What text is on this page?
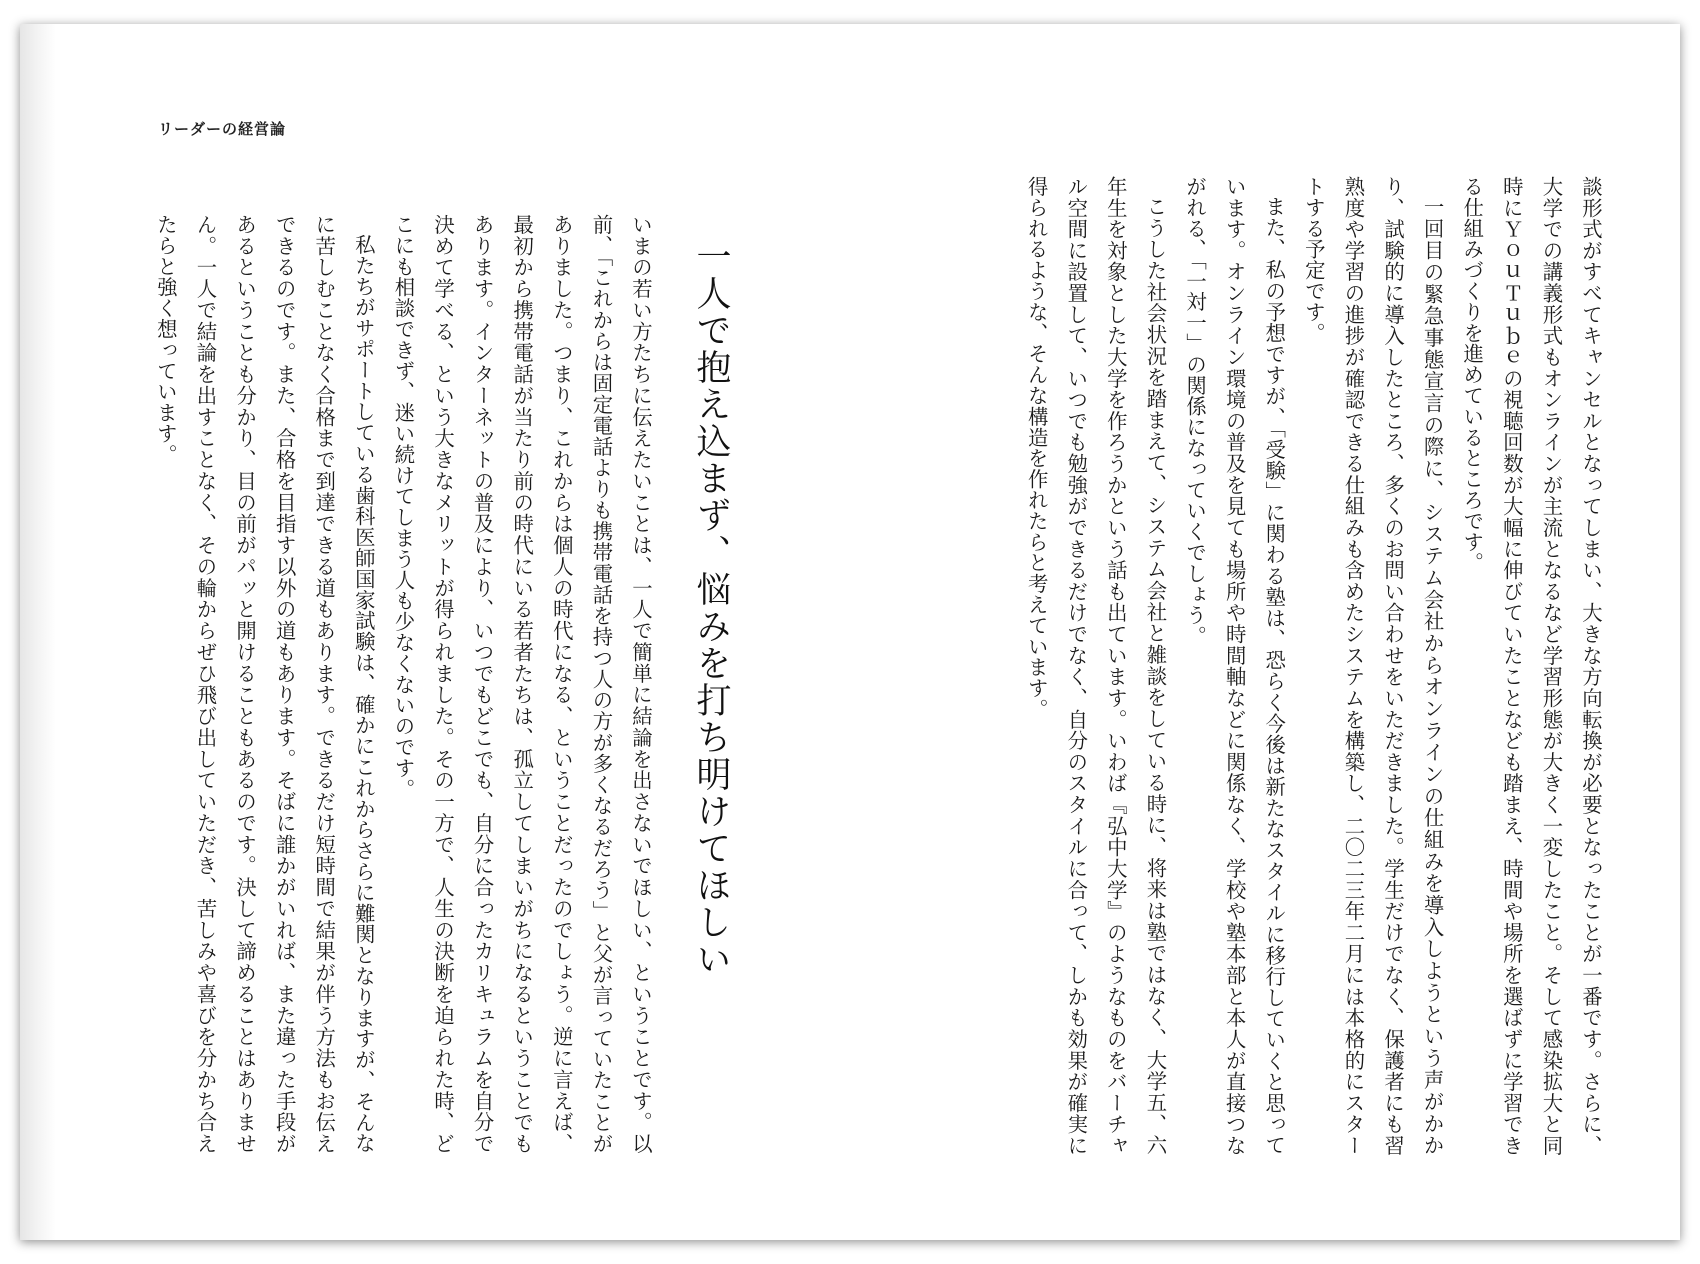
リーダーの経営論

談形式がすべてキャンセルとなってしまい、大きな方向転換が必要となったことが一番です。さらに、大学での講義形式もオンラインが主流となるなど学習形態が大きく一変したこと。そして感染拡大と同時にＹｏｕＴｕｂｅの視聴回数が大幅に伸びていたことなども踏まえ、時間や場所を選ばずに学習できる仕組みづくりを進めているところです。

一回目の緊急事態宣言の際に、システム会社からオンラインの仕組みを導入しようという声がかかり、試験的に導入したところ、多くのお問い合わせをいただきました。学生だけでなく、保護者にも習熟度や学習の進捗が確認できる仕組みも含めたシステムを構築し、二〇二三年二月には本格的にスタートする予定です。

また、私の予想ですが、「受験」に関わる塾は、恐らく今後は新たなスタイルに移行していくと思っています。オンライン環境の普及を見ても場所や時間軸などに関係なく、学校や塾本部と本人が直接つながれる、「一対一」の関係になっていくでしょう。

こうした社会状況を踏まえて、システム会社と雑談をしている時に、将来は塾ではなく、大学五、六年生を対象とした大学を作ろうかという話も出ています。いわば『弘中大学』のようなものをバーチャル空間に設置して、いつでも勉強ができるだけでなく、自分のスタイルに合って、しかも効果が確実に得られるような、そんな構造を作れたらと考えています。

一人で抱え込まず、悩みを打ち明けてほしい

いまの若い方たちに伝えたいことは、一人で簡単に結論を出さないでほしい、ということです。以前、「これからは固定電話よりも携帯電話を持つ人の方が多くなるだろう」と父が言っていたことがありました。つまり、これからは個人の時代になる、ということだったのでしょう。逆に言えば、最初から携帯電話が当たり前の時代にいる若者たちは、孤立してしまいがちになるということでもあります。インターネットの普及により、いつでもどこでも、自分に合ったカリキュラムを自分で決めて学べる、という大きなメリットが得られました。その一方で、人生の決断を迫られた時、どこにも相談できず、迷い続けてしまう人も少なくないのです。

私たちがサポートしている歯科医師国家試験は、確かにこれからさらに難関となりますが、そんなに苦しむことなく合格まで到達できる道もあります。できるだけ短時間で結果が伴う方法もお伝えできるのです。また、合格を目指す以外の道もあります。そばに誰かがいれば、また違った手段があるということも分かり、目の前がパッと開けることもあるのです。決して諦めることはありません。一人で結論を出すことなく、その輪からぜひ飛び出していただき、苦しみや喜びを分かち合えたらと強く想っています。
